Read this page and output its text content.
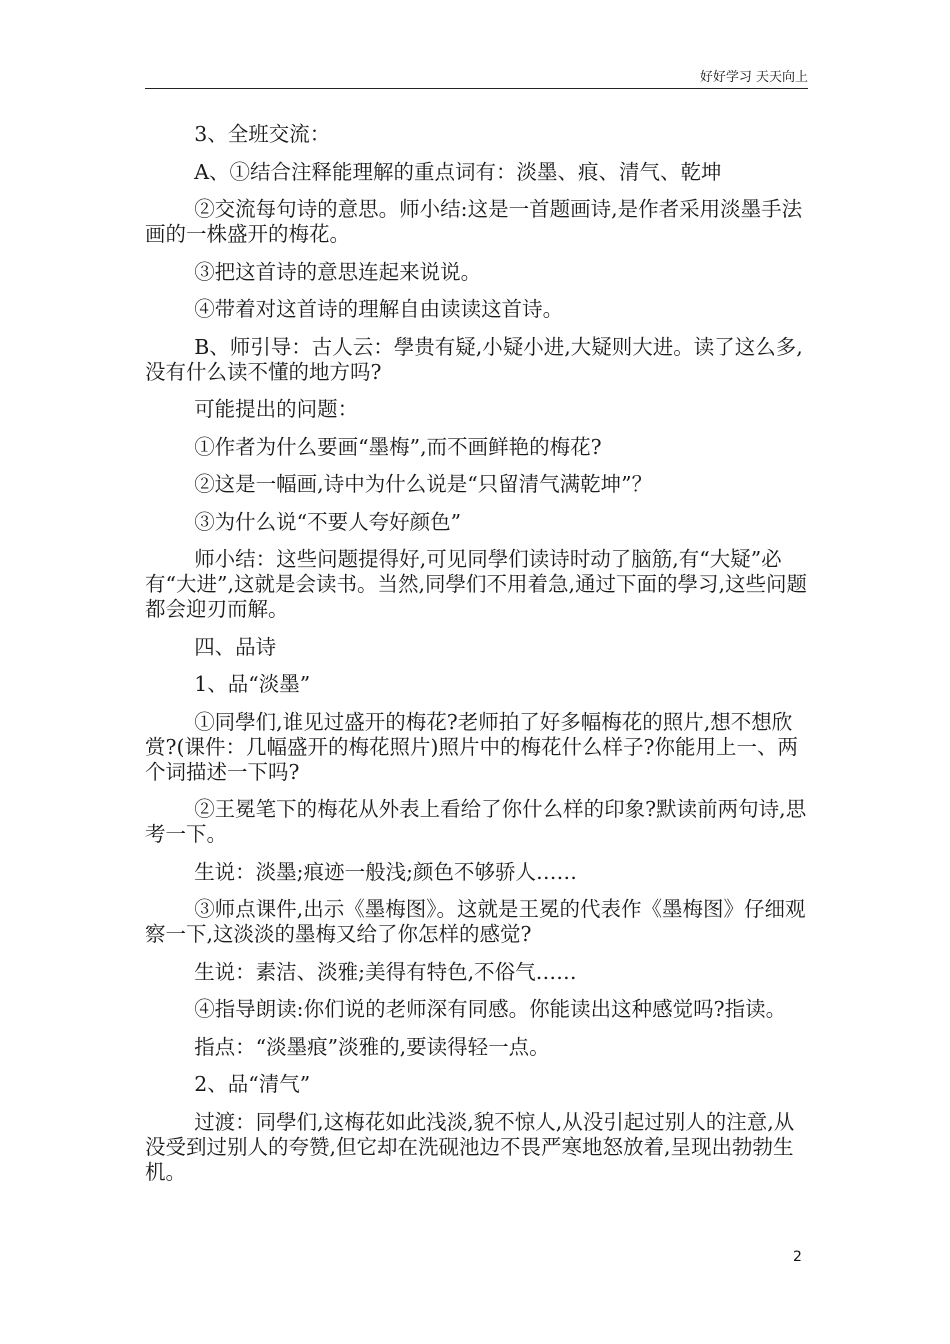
好好学习 天天向上

3、全班交流：

A、①结合注释能理解的重点词有：淡墨、痕、清气、乾坤

②交流每句诗的意思。师小结:这是一首题画诗,是作者采用淡墨手法画的一株盛开的梅花。

③把这首诗的意思连起来说说。

④带着对这首诗的理解自由读读这首诗。

B、师引导：古人云：學贵有疑,小疑小进,大疑则大进。读了这么多,没有什么读不懂的地方吗?

可能提出的问题：

①作者为什么要画“墨梅”,而不画鲜艳的梅花?

②这是一幅画,诗中为什么说是“只留清气满乾坤”？

③为什么说“不要人夸好颜色”

师小结：这些问题提得好,可见同學们读诗时动了脑筋,有“大疑”必有“大进”,这就是会读书。当然,同學们不用着急,通过下面的學习,这些问题都会迎刃而解。

四、品诗

1、品“淡墨”

①同學们,谁见过盛开的梅花?老师拍了好多幅梅花的照片,想不想欣赏?(课件：几幅盛开的梅花照片)照片中的梅花什么样子?你能用上一、两个词描述一下吗?

②王冕笔下的梅花从外表上看给了你什么样的印象?默读前两句诗,思考一下。

生说：淡墨;痕迹一般浅;颜色不够骄人……

③师点课件,出示《墨梅图》。这就是王冕的代表作《墨梅图》仔细观察一下,这淡淡的墨梅又给了你怎样的感觉?

生说：素洁、淡雅;美得有特色,不俗气……

④指导朗读:你们说的老师深有同感。你能读出这种感觉吗?指读。

指点：“淡墨痕”淡雅的,要读得轻一点。

2、品“清气”

过渡：同學们,这梅花如此浅淡,貌不惊人,从没引起过别人的注意,从没受到过别人的夸赞,但它却在洗砚池边不畏严寒地怒放着,呈现出勃勃生机。

2
